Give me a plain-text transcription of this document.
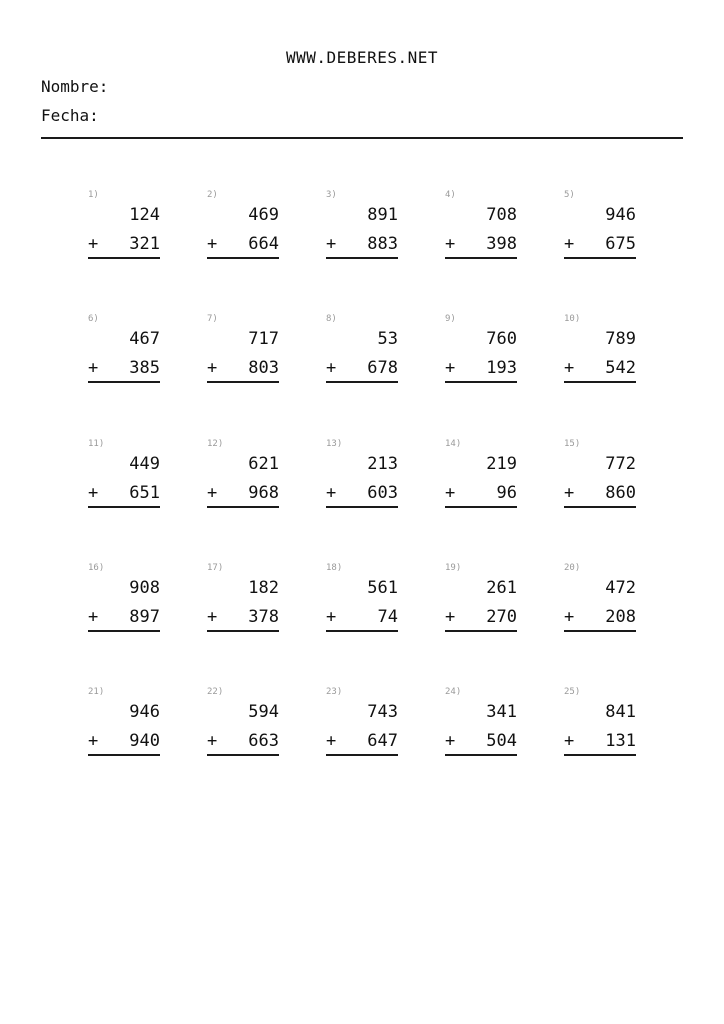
WWW.DEBERES.NET
Nombre:
Fecha:
1)
124
+ 321
2)
469
+ 664
3)
891
+ 883
4)
708
+ 398
5)
946
+ 675
6)
467
+ 385
7)
717
+ 803
8)
53
+ 678
9)
760
+ 193
10)
789
+ 542
11)
449
+ 651
12)
621
+ 968
13)
213
+ 603
14)
219
+ 96
15)
772
+ 860
16)
908
+ 897
17)
182
+ 378
18)
561
+ 74
19)
261
+ 270
20)
472
+ 208
21)
946
+ 940
22)
594
+ 663
23)
743
+ 647
24)
341
+ 504
25)
841
+ 131
